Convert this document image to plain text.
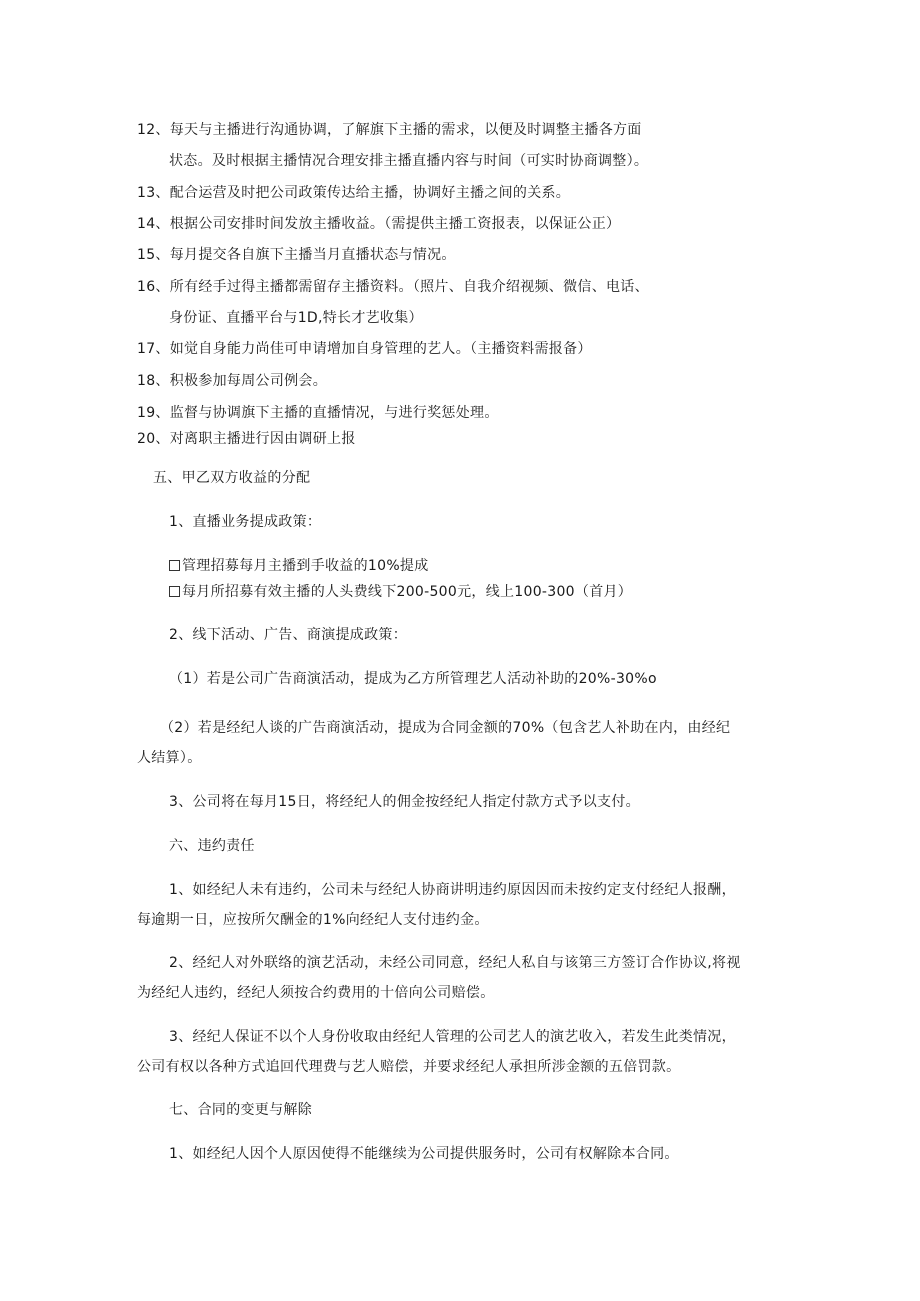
12、每天与主播进行沟通协调，了解旗下主播的需求，以便及时调整主播各方面
状态。及时根据主播情况合理安排主播直播内容与时间（可实时协商调整）。
13、配合运营及时把公司政策传达给主播，协调好主播之间的关系。
14、根据公司安排时间发放主播收益。（需提供主播工资报表，以保证公正）
15、每月提交各自旗下主播当月直播状态与情况。
16、所有经手过得主播都需留存主播资料。（照片、自我介绍视频、微信、电话、
身份证、直播平台与1D,特长才艺收集）
17、如觉自身能力尚佳可申请增加自身管理的艺人。（主播资料需报备）
18、积极参加每周公司例会。
19、监督与协调旗下主播的直播情况，与进行奖惩处理。
20、对离职主播进行因由调研上报
五、甲乙双方收益的分配
1、直播业务提成政策：
管理招募每月主播到手收益的10%提成
每月所招募有效主播的人头费线下200-500元，线上100-300（首月）
2、线下活动、广告、商演提成政策：
（1）若是公司广告商演活动，提成为乙方所管理艺人活动补助的20%-30%o
（2）若是经纪人谈的广告商演活动，提成为合同金额的70%（包含艺人补助在内，由经纪
人结算）。
3、公司将在每月15日，将经纪人的佣金按经纪人指定付款方式予以支付。
六、违约责任
1、如经纪人未有违约，公司未与经纪人协商讲明违约原因因而未按约定支付经纪人报酬，
每逾期一日，应按所欠酬金的1%向经纪人支付违约金。
2、经纪人对外联络的演艺活动，未经公司同意，经纪人私自与该第三方签订合作协议,将视
为经纪人违约，经纪人须按合约费用的十倍向公司赔偿。
3、经纪人保证不以个人身份收取由经纪人管理的公司艺人的演艺收入，若发生此类情况，
公司有权以各种方式追回代理费与艺人赔偿，并要求经纪人承担所涉金额的五倍罚款。
七、合同的变更与解除
1、如经纪人因个人原因使得不能继续为公司提供服务时，公司有权解除本合同。
